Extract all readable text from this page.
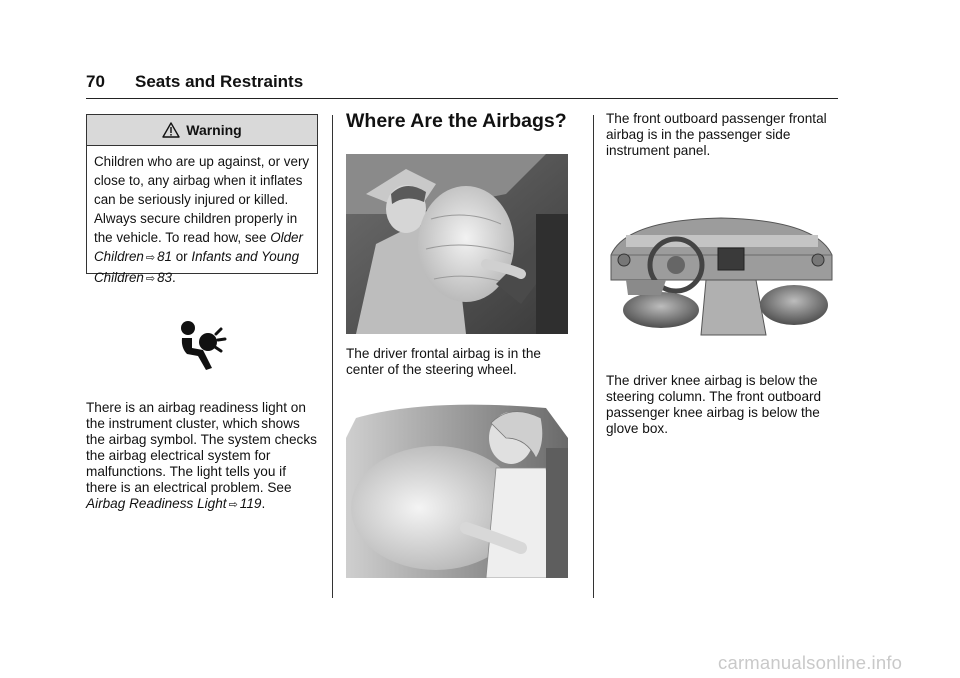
70	Seats and Restraints
Warning
Children who are up against, or very close to, any airbag when it inflates can be seriously injured or killed. Always secure children properly in the vehicle. To read how, see Older Children ⇨ 81 or Infants and Young Children ⇨ 83.
There is an airbag readiness light on the instrument cluster, which shows the airbag symbol. The system checks the airbag electrical system for malfunctions. The light tells you if there is an electrical problem. See Airbag Readiness Light ⇨ 119.
Where Are the Airbags?
The driver frontal airbag is in the center of the steering wheel.
The front outboard passenger frontal airbag is in the passenger side instrument panel.
The driver knee airbag is below the steering column. The front outboard passenger knee airbag is below the glove box.
carmanualsonline.info
